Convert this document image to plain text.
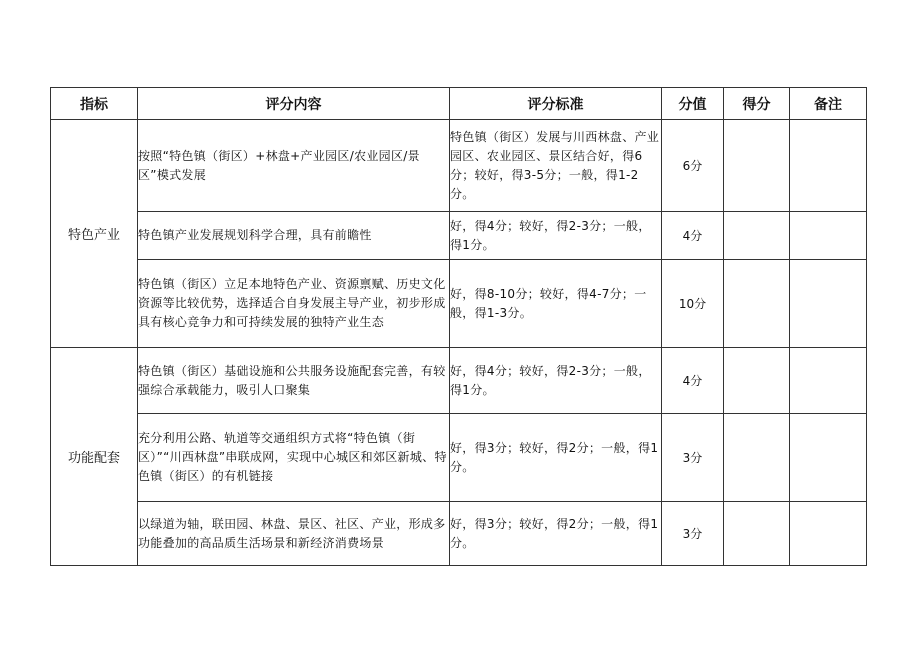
指标	评分内容	评分标准	分值	得分	备注
特色产业	按照“特色镇（街区）+林盘+产业园区/农业园区/景区”模式发展	特色镇（街区）发展与川西林盘、产业园区、农业园区、景区结合好，得6分；较好，得3-5分；一般，得1-2分。	6分		
	特色镇产业发展规划科学合理，具有前瞻性	好，得4分；较好，得2-3分；一般，得1分。	4分		
	特色镇（街区）立足本地特色产业、资源禀赋、历史文化资源等比较优势，选择适合自身发展主导产业，初步形成具有核心竞争力和可持续发展的独特产业生态	好，得8-10分；较好，得4-7分；一般，得1-3分。	10分		
功能配套	特色镇（街区）基础设施和公共服务设施配套完善，有较强综合承载能力，吸引人口聚集	好，得4分；较好，得2-3分；一般，得1分。	4分		
	充分利用公路、轨道等交通组织方式将“特色镇（街区）”“川西林盘”串联成网，实现中心城区和郊区新城、特色镇（街区）的有机链接	好，得3分；较好，得2分；一般，得1分。	3分		
	以绿道为轴，联田园、林盘、景区、社区、产业，形成多功能叠加的高品质生活场景和新经济消费场景	好，得3分；较好，得2分；一般，得1分。	3分		
